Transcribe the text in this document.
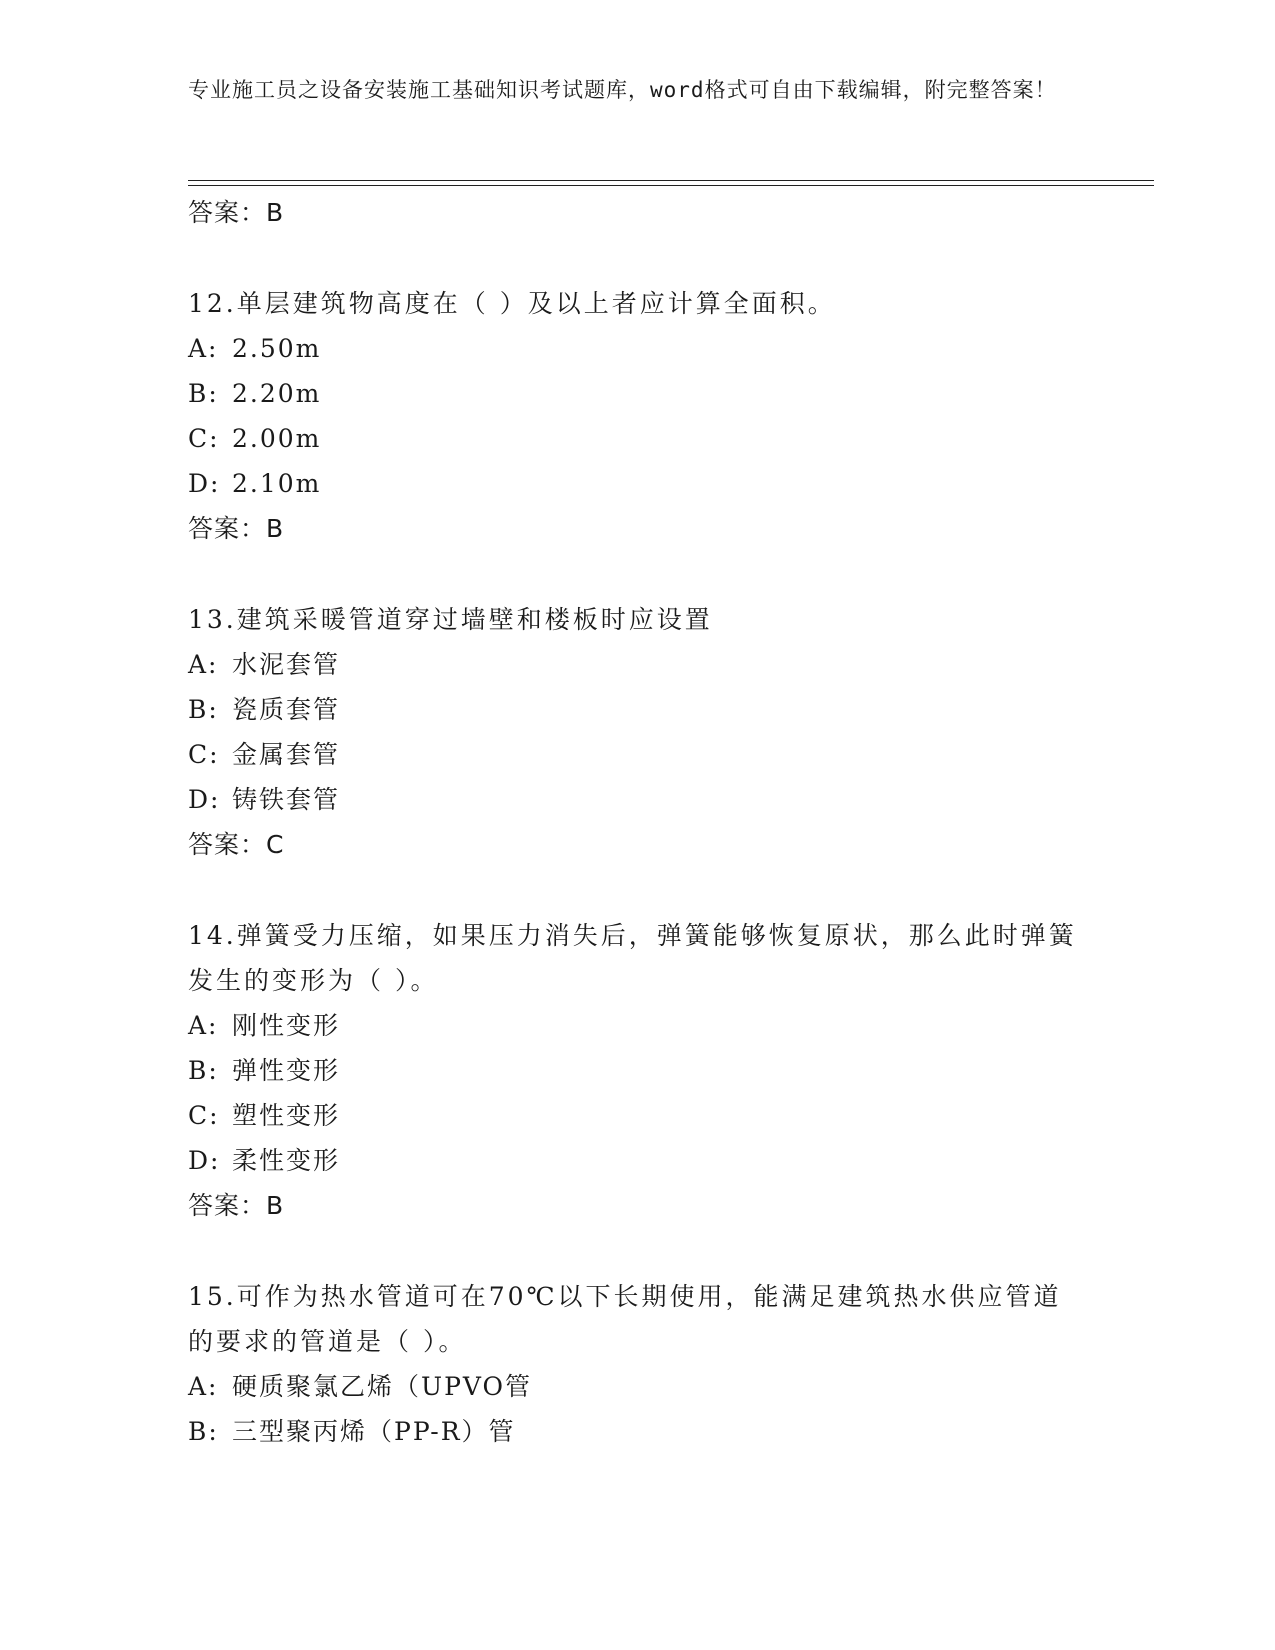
专业施工员之设备安装施工基础知识考试题库，word格式可自由下载编辑，附完整答案！
答案：B

12.单层建筑物高度在（ ）及以上者应计算全面积。

A: 2.50m

B: 2.20m

C: 2.00m

D: 2.10m

答案：B

13.建筑采暖管道穿过墙壁和楼板时应设置

A: 水泥套管

B: 瓷质套管

C: 金属套管

D: 铸铁套管

答案：C

14.弹簧受力压缩，如果压力消失后，弹簧能够恢复原状，那么此时弹簧发生的变形为（ ）。

A: 刚性变形

B: 弹性变形

C: 塑性变形

D: 柔性变形

答案：B

15.可作为热水管道可在70℃以下长期使用，能满足建筑热水供应管道的要求的管道是（ ）。

A: 硬质聚氯乙烯（UPVO管

B: 三型聚丙烯（PP-R）管
